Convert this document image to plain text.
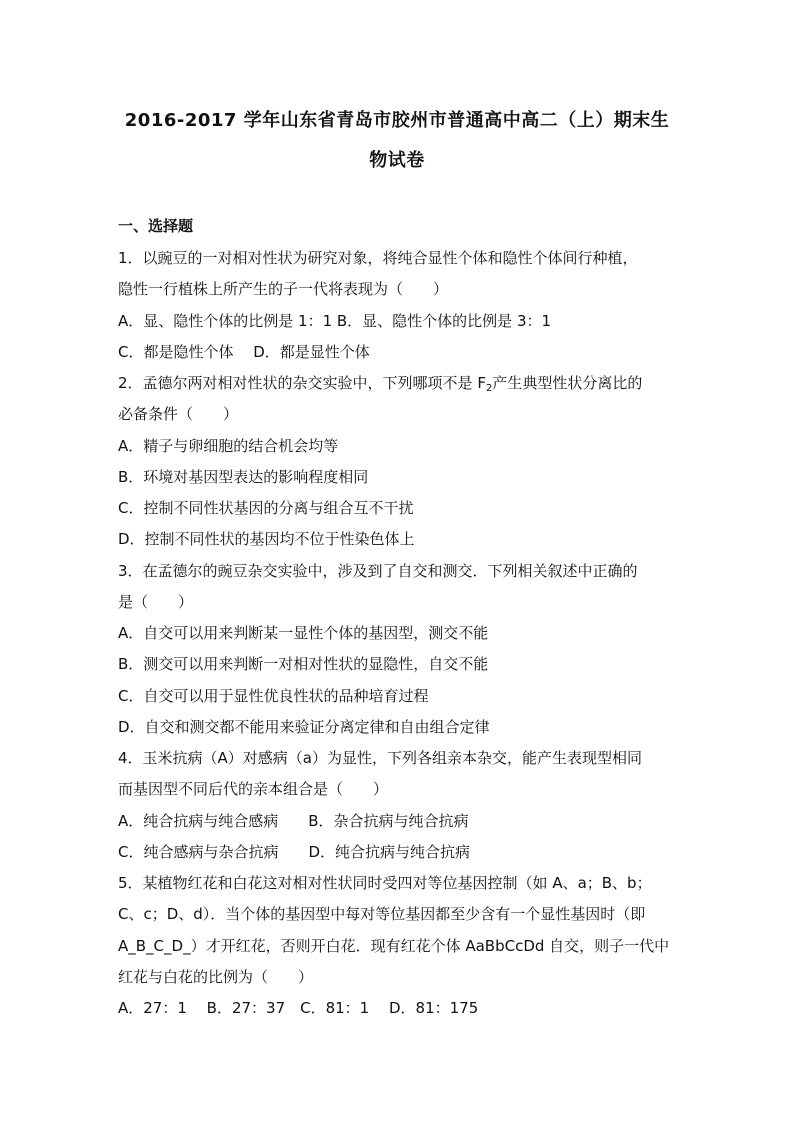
2016-2017 学年山东省青岛市胶州市普通高中高二（上）期末生
物试卷
一、选择题
1．以豌豆的一对相对性状为研究对象，将纯合显性个体和隐性个体间行种植，
隐性一行植株上所产生的子一代将表现为（　　）
A．显、隐性个体的比例是 1：1 B．显、隐性个体的比例是 3：1
C．都是隐性个体　 D．都是显性个体
2．孟德尔两对相对性状的杂交实验中，下列哪项不是 $F_2$产生典型性状分离比的
必备条件（　　）
A．精子与卵细胞的结合机会均等
B．环境对基因型表达的影响程度相同
C．控制不同性状基因的分离与组合互不干扰
D．控制不同性状的基因均不位于性染色体上
3．在孟德尔的豌豆杂交实验中，涉及到了自交和测交．下列相关叙述中正确的
是（　　）
A．自交可以用来判断某一显性个体的基因型，测交不能
B．测交可以用来判断一对相对性状的显隐性，自交不能
C．自交可以用于显性优良性状的品种培育过程
D．自交和测交都不能用来验证分离定律和自由组合定律
4．玉米抗病（A）对感病（a）为显性，下列各组亲本杂交，能产生表现型相同
而基因型不同后代的亲本组合是（　　）
A．纯合抗病与纯合感病　　B．杂合抗病与纯合抗病
C．纯合感病与杂合抗病　　D．纯合抗病与纯合抗病
5．某植物红花和白花这对相对性状同时受四对等位基因控制（如 A、a；B、b；
C、c；D、d）．当个体的基因型中每对等位基因都至少含有一个显性基因时（即
A_B_C_D_）才开红花，否则开白花．现有红花个体 AaBbCcDd 自交，则子一代中
红花与白花的比例为（　　）
A．27：1　 B．27：37　C．81：1　 D．81：175
